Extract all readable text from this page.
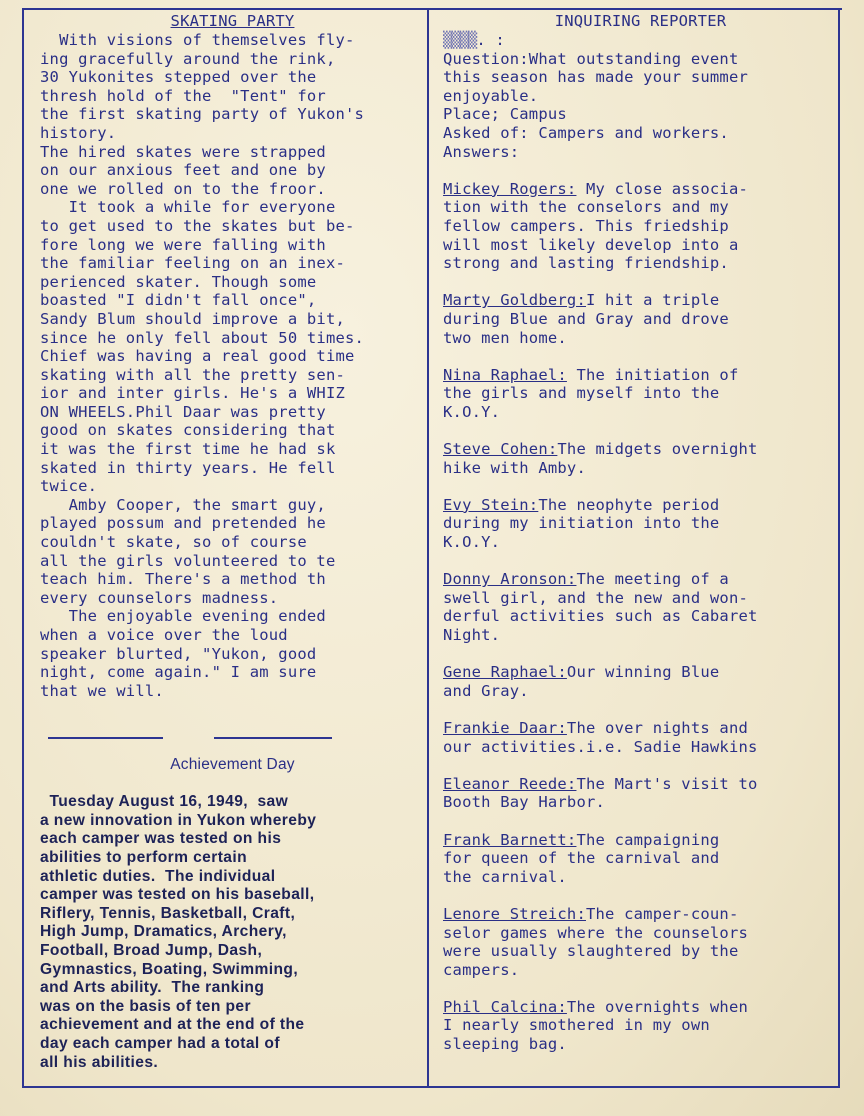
SKATING PARTY
With visions of themselves fly-
ing gracefully around the rink,
30 Yukonites stepped over the
thresh hold of the  "Tent" for
the first skating party of Yukon's
history.
The hired skates were strapped
on our anxious feet and one by
one we rolled on to the froor.
It took a while for everyone
to get used to the skates but be-
fore long we were falling with
the familiar feeling on an inex-
perienced skater. Though some
boasted "I didn't fall once",
Sandy Blum should improve a bit,
since he only fell about 50 times.
Chief was having a real good time
skating with all the pretty sen-
ior and inter girls. He's a WHIZ
ON WHEELS.Phil Daar was pretty
good on skates considering that
it was the first time he had sk
skated in thirty years. He fell
twice.
Amby Cooper, the smart guy,
played possum and pretended he
couldn't skate, so of course
all the girls volunteered to te
teach him. There's a method th
every counselors madness.
The enjoyable evening ended
when a voice over the loud
speaker blurted, "Yukon, good
night, come again." I am sure
that we will.
Achievement Day
Tuesday August 16, 1949,  saw
a new innovation in Yukon whereby
each camper was tested on his
abilities to perform certain
athletic duties.  The individual
camper was tested on his baseball,
Riflery, Tennis, Basketball, Craft,
High Jump, Dramatics, Archery,
Football, Broad Jump, Dash,
Gymnastics, Boating, Swimming,
and Arts ability.  The ranking
was on the basis of ten per
achievement and at the end of the
day each camper had a total of
all his abilities.
INQUIRING REPORTER
▒▒▒▒. :
Question:What outstanding event
this season has made your summer
enjoyable.
Place; Campus
Asked of: Campers and workers.
Answers:
Mickey Rogers: My close associa-
tion with the conselors and my
fellow campers. This friedship
will most likely develop into a
strong and lasting friendship.
Marty Goldberg:I hit a triple
during Blue and Gray and drove
two men home.
Nina Raphael: The initiation of
the girls and myself into the
K.O.Y.
Steve Cohen:The midgets overnight
hike with Amby.
Evy Stein:The neophyte period
during my initiation into the
K.O.Y.
Donny Aronson:The meeting of a
swell girl, and the new and won-
derful activities such as Cabaret
Night.
Gene Raphael:Our winning Blue
and Gray.
Frankie Daar:The over nights and
our activities.i.e. Sadie Hawkins
Eleanor Reede:The Mart's visit to
Booth Bay Harbor.
Frank Barnett:The campaigning
for queen of the carnival and
the carnival.
Lenore Streich:The camper-coun-
selor games where the counselors
were usually slaughtered by the
campers.
Phil Calcina:The overnights when
I nearly smothered in my own
sleeping bag.
